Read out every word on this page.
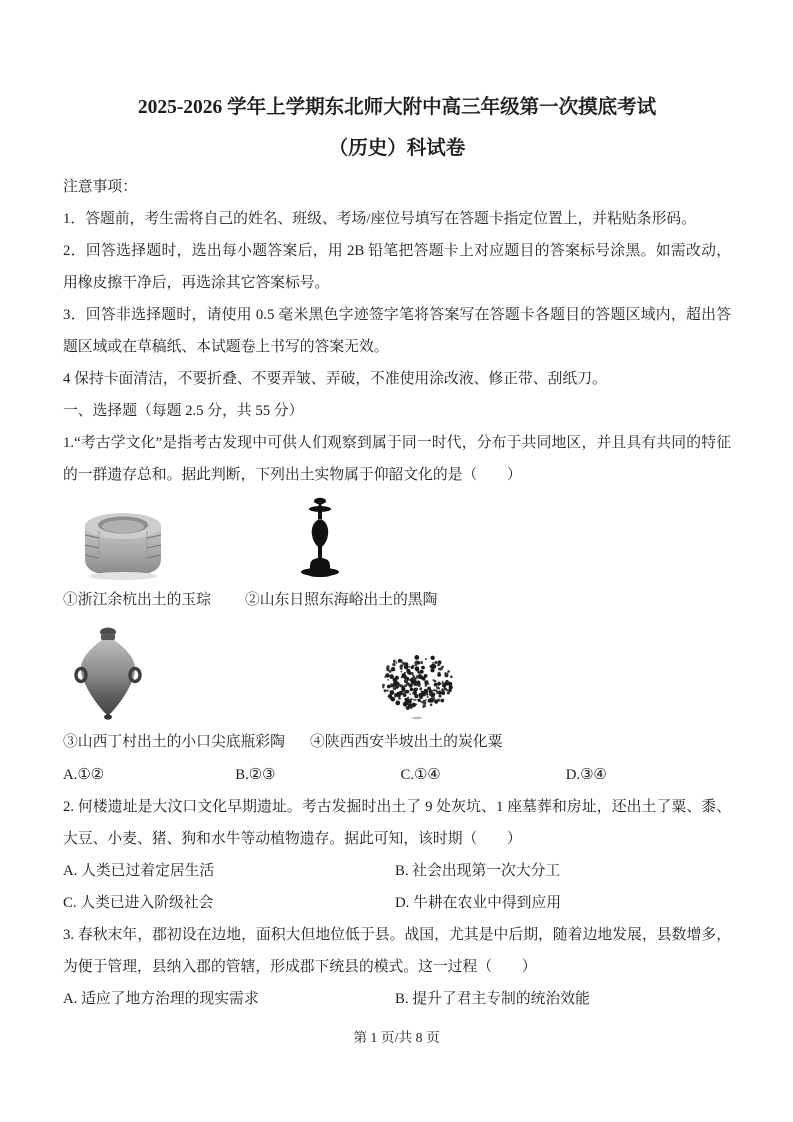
2025-2026 学年上学期东北师大附中高三年级第一次摸底考试
（历史）科试卷

注意事项：

1．答题前，考生需将自己的姓名、班级、考场/座位号填写在答题卡指定位置上，并粘贴条形码。

2．回答选择题时，选出每小题答案后，用 2B 铅笔把答题卡上对应题目的答案标号涂黑。如需改动，用橡皮擦干净后，再选涂其它答案标号。

3．回答非选择题时，请使用 0.5 毫米黑色字迹签字笔将答案写在答题卡各题目的答题区域内，超出答题区域或在草稿纸、本试题卷上书写的答案无效。

4 保持卡面清洁，不要折叠、不要弄皱、弄破，不准使用涂改液、修正带、刮纸刀。

一、选择题（每题 2.5 分，共 55 分）

1.“考古学文化”是指考古发现中可供人们观察到属于同一时代，分布于共同地区，并且具有共同的特征的一群遗存总和。据此判断，下列出土实物属于仰韶文化的是（　　）

①浙江余杭出土的玉琮	②山东日照东海峪出土的黑陶
③山西丁村出土的小口尖底瓶彩陶	④陕西西安半坡出土的炭化粟
A.①②	B.②③	C.①④	D.③④

2. 何楼遗址是大汶口文化早期遗址。考古发掘时出土了 9 处灰坑、1 座墓葬和房址，还出土了粟、黍、大豆、小麦、猪、狗和水牛等动植物遗存。据此可知，该时期（　　）

A. 人类已过着定居生活	B. 社会出现第一次大分工
C. 人类已进入阶级社会	D. 牛耕在农业中得到应用

3. 春秋末年，郡初设在边地，面积大但地位低于县。战国，尤其是中后期，随着边地发展，县数增多，为便于管理，县纳入郡的管辖，形成郡下统县的模式。这一过程（　　）

A. 适应了地方治理的现实需求	B. 提升了君主专制的统治效能
第 1 页/共 8 页
